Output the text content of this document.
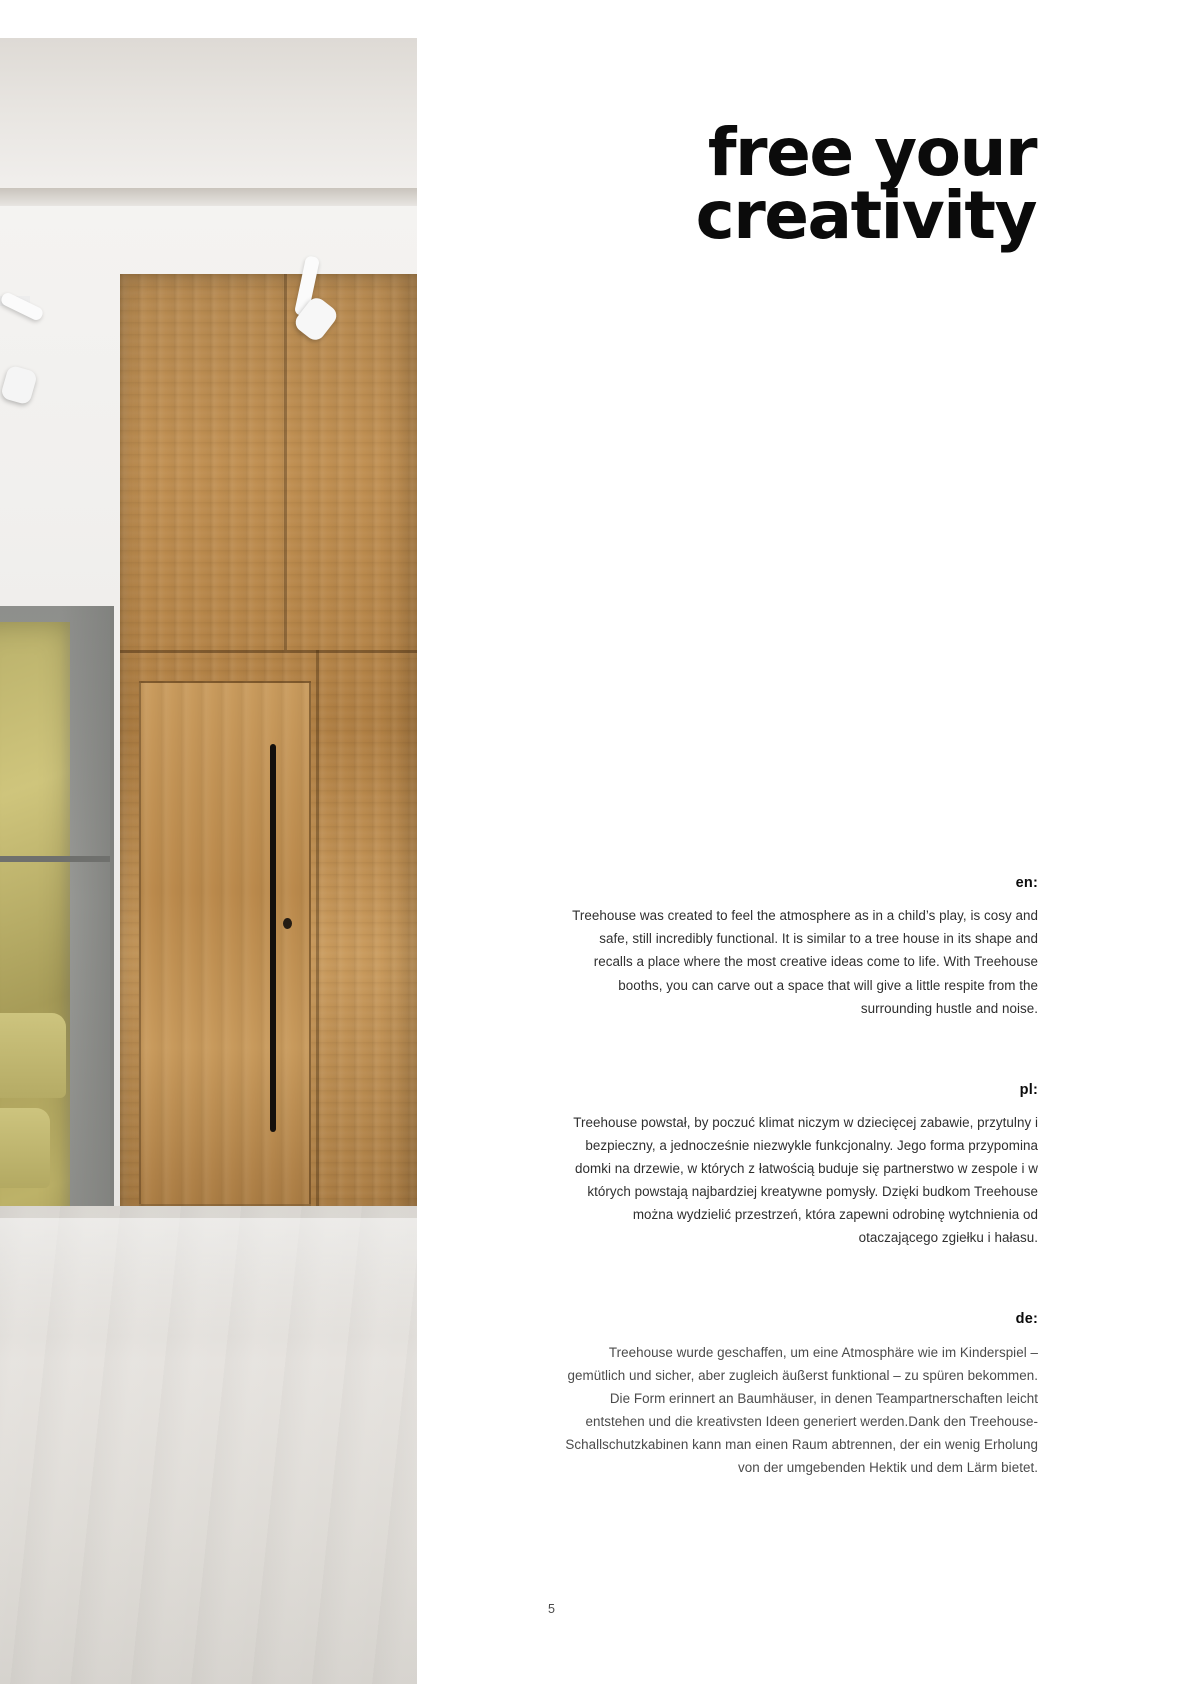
free your
creativity
en:

Treehouse was created to feel the atmosphere as in a child’s play, is cosy and safe, still incredibly functional. It is similar to a tree house in its shape and recalls a place where the most creative ideas come to life. With Treehouse booths, you can carve out a space that will give a little respite from the surrounding hustle and noise.

pl:

Treehouse powstał, by poczuć klimat niczym w dziecięcej zabawie, przytulny i bezpieczny, a jednocześnie niezwykle funkcjonalny. Jego forma przypomina domki na drzewie, w których z łatwością buduje się partnerstwo w zespole i w których powstają najbardziej kreatywne pomysły. Dzięki budkom Treehouse można wydzielić przestrzeń, która zapewni odrobinę wytchnienia od otaczającego zgiełku i hałasu.

de:

Treehouse wurde geschaffen, um eine Atmosphäre wie im Kinderspiel – gemütlich und sicher, aber zugleich äußerst funktional – zu spüren bekommen. Die Form erinnert an Baumhäuser, in denen Teampartnerschaften leicht entstehen und die kreativsten Ideen generiert werden.Dank den Treehouse-Schallschutzkabinen kann man einen Raum abtrennen, der ein wenig Erholung von der umgebenden Hektik und dem Lärm bietet.

5
